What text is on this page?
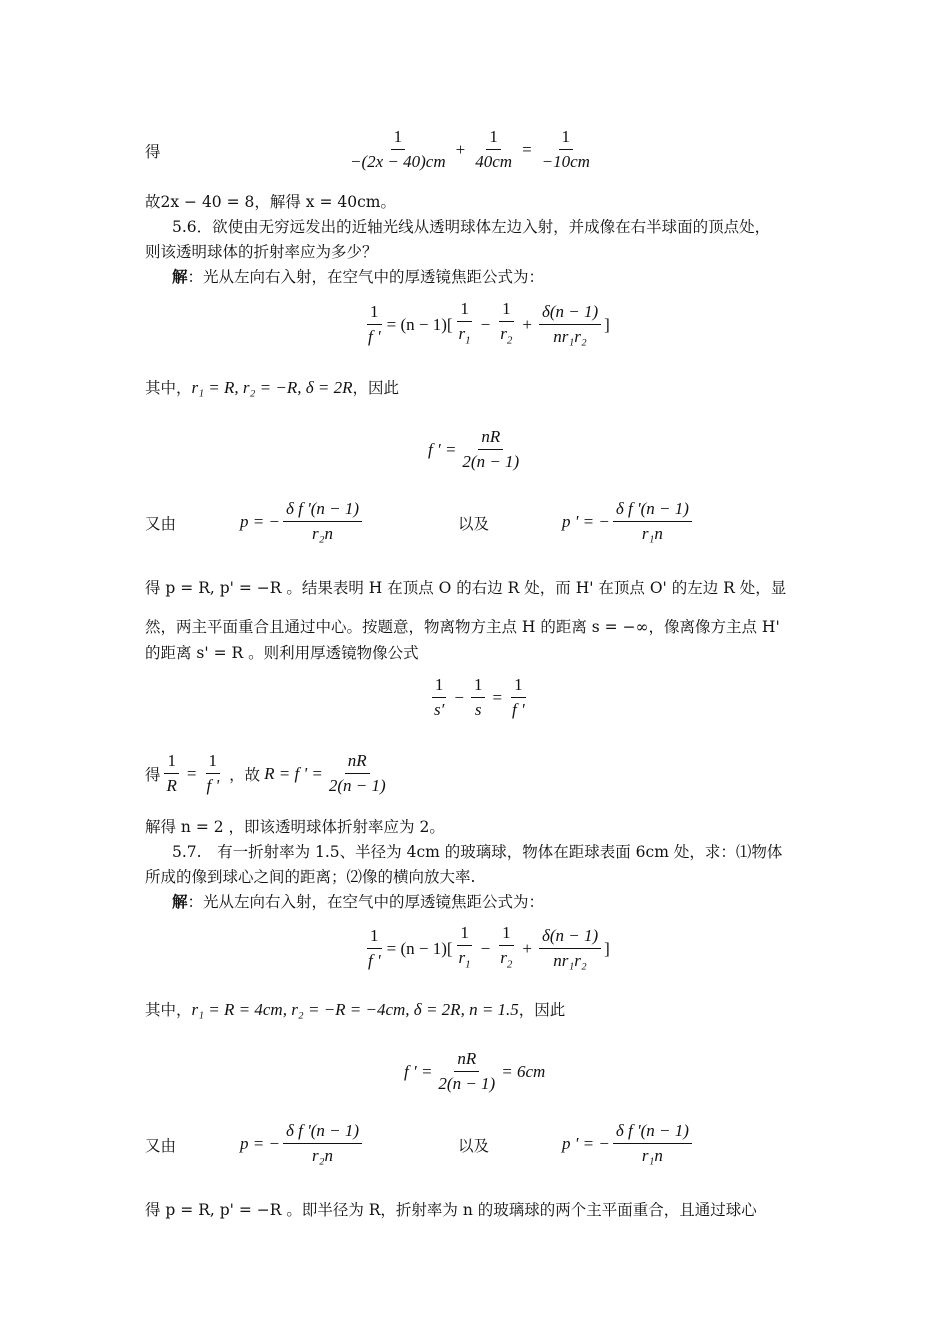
得	$\frac{1}{-(2x - 40)cm} + \frac{1}{40cm} = \frac{1}{-10cm}$
故2x − 40 = 8，解得 x = 40cm。
5.6．欲使由无穷远发出的近轴光线从透明球体左边入射，并成像在右半球面的顶点处，
则该透明球体的折射率应为多少？
解：光从左向右入射，在空气中的厚透镜焦距公式为：
$\frac{1}{f '} = (n - 1)[ \frac{1}{r_1} - \frac{1}{r_2} + \frac{\delta(n - 1)}{\text{nr₁r₂}}$ ]
其中，r₁ = R, r₂ = −R, δ = 2R，因此
f ′ = $\frac{nR}{2(n - 1)}$
又由	p = − $\frac{\text{δ f '(n − 1)}}{\text{r₂n}}$	以及	p ' = − $\frac{\text{δ f '(n − 1)}}{\text{r₁n}}$
得 p = R, p' = −R 。结果表明 H 在顶点 O 的右边 R 处，而 H' 在顶点 O' 的左边 R 处，显
然，两主平面重合且通过中心。按题意，物离物方主点 H 的距离 s = −∞，像离像方主点 H'
的距离 s' = R 。则利用厚透镜物像公式
$\frac{1}{s'} - \frac{1}{s} = \frac{1}{f '}$
得 $\frac{1}{R} = \frac{1}{f '}$ ，故 R = f ' = $\frac{nR}{2(n - 1)}$
解得 n = 2 ，即该透明球体折射率应为 2。
5.7.　有一折射率为 1.5、半径为 4cm 的玻璃球，物体在距球表面 6cm 处，求：⑴物体
所成的像到球心之间的距离；⑵像的横向放大率.
解：光从左向右入射，在空气中的厚透镜焦距公式为：
$\frac{1}{f '} = (n - 1)[ \frac{1}{r_1} - \frac{1}{r_2} + \frac{\delta(n - 1)}{\text{nr₁r₂}}$ ]
其中，r₁ = R = 4cm, r₂ = −R = −4cm, δ = 2R, n = 1.5，因此
f ′ = $\frac{nR}{2(n - 1)} = 6cm$
又由	p = − $\frac{\text{δ f '(n − 1)}}{\text{r₂n}}$	以及	p ' = − $\frac{\text{δ f '(n − 1)}}{\text{r₁n}}$
得 p = R, p' = −R 。即半径为 R，折射率为 n 的玻璃球的两个主平面重合，且通过球心
